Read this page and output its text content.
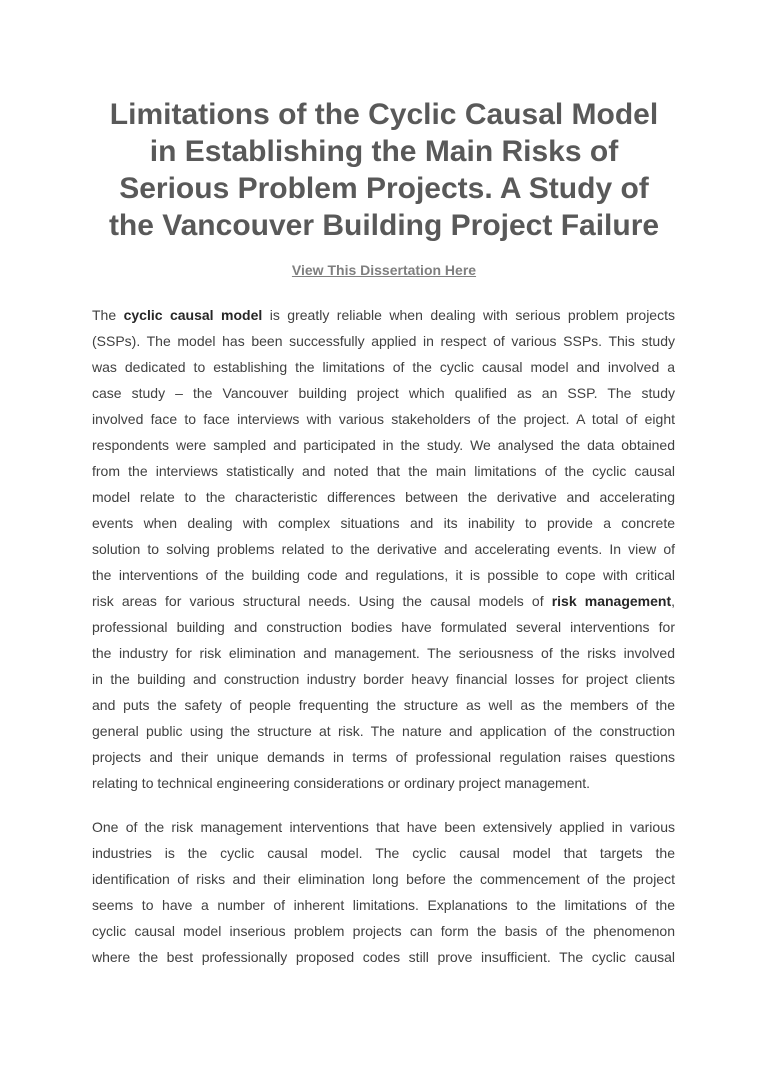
Limitations of the Cyclic Causal Model
in Establishing the Main Risks of
Serious Problem Projects. A Study of
the Vancouver Building Project Failure
View This Dissertation Here
The cyclic causal model is greatly reliable when dealing with serious problem projects
(SSPs). The model has been successfully applied in respect of various SSPs. This study
was dedicated to establishing the limitations of the cyclic causal model and involved a
case study – the Vancouver building project which qualified as an SSP. The study
involved face to face interviews with various stakeholders of the project. A total of eight
respondents were sampled and participated in the study. We analysed the data obtained
from the interviews statistically and noted that the main limitations of the cyclic causal
model relate to the characteristic differences between the derivative and accelerating
events when dealing with complex situations and its inability to provide a concrete
solution to solving problems related to the derivative and accelerating events. In view of
the interventions of the building code and regulations, it is possible to cope with critical
risk areas for various structural needs. Using the causal models of risk management,
professional building and construction bodies have formulated several interventions for
the industry for risk elimination and management. The seriousness of the risks involved
in the building and construction industry border heavy financial losses for project clients
and puts the safety of people frequenting the structure as well as the members of the
general public using the structure at risk. The nature and application of the construction
projects and their unique demands in terms of professional regulation raises questions
relating to technical engineering considerations or ordinary project management.
One of the risk management interventions that have been extensively applied in various
industries is the cyclic causal model. The cyclic causal model that targets the
identification of risks and their elimination long before the commencement of the project
seems to have a number of inherent limitations. Explanations to the limitations of the
cyclic causal model inserious problem projects can form the basis of the phenomenon
where the best professionally proposed codes still prove insufficient. The cyclic causal
